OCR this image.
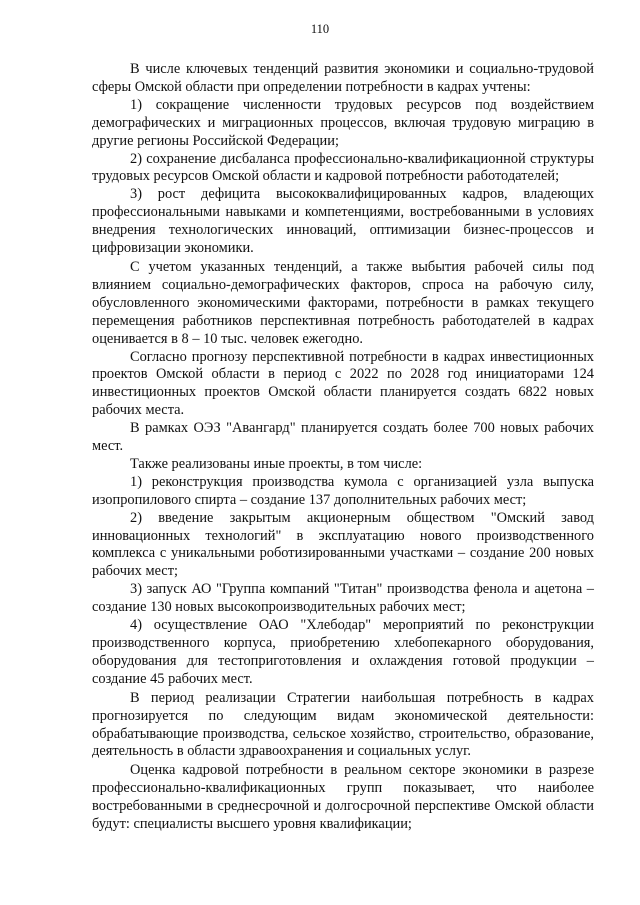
110

В числе ключевых тенденций развития экономики и социально-трудовой сферы Омской области при определении потребности в кадрах учтены:

1) сокращение численности трудовых ресурсов под воздействием демографических и миграционных процессов, включая трудовую миграцию в другие регионы Российской Федерации;

2) сохранение дисбаланса профессионально-квалификационной структуры трудовых ресурсов Омской области и кадровой потребности работодателей;

3) рост дефицита высококвалифицированных кадров, владеющих профессиональными навыками и компетенциями, востребованными в условиях внедрения технологических инноваций, оптимизации бизнес-процессов и цифровизации экономики.

С учетом указанных тенденций, а также выбытия рабочей силы под влиянием социально-демографических факторов, спроса на рабочую силу, обусловленного экономическими факторами, потребности в рамках текущего перемещения работников перспективная потребность работодателей в кадрах оценивается в 8 – 10 тыс. человек ежегодно.

Согласно прогнозу перспективной потребности в кадрах инвестиционных проектов Омской области в период с 2022 по 2028 год инициаторами 124 инвестиционных проектов Омской области планируется создать 6822 новых рабочих места.

В рамках ОЭЗ "Авангард" планируется создать более 700 новых рабочих мест.

Также реализованы иные проекты, в том числе:

1) реконструкция производства кумола с организацией узла выпуска изопропилового спирта – создание 137 дополнительных рабочих мест;

2) введение закрытым акционерным обществом "Омский завод инновационных технологий" в эксплуатацию нового производственного комплекса с уникальными роботизированными участками – создание 200 новых рабочих мест;

3) запуск АО "Группа компаний "Титан" производства фенола и ацетона – создание 130 новых высокопроизводительных рабочих мест;

4) осуществление ОАО "Хлебодар" мероприятий по реконструкции производственного корпуса, приобретению хлебопекарного оборудования, оборудования для тестоприготовления и охлаждения готовой продукции – создание 45 рабочих мест.

В период реализации Стратегии наибольшая потребность в кадрах прогнозируется по следующим видам экономической деятельности: обрабатывающие производства, сельское хозяйство, строительство, образование, деятельность в области здравоохранения и социальных услуг.

Оценка кадровой потребности в реальном секторе экономики в разрезе профессионально-квалификационных групп показывает, что наиболее востребованными в среднесрочной и долгосрочной перспективе Омской области будут: специалисты высшего уровня квалификации;
